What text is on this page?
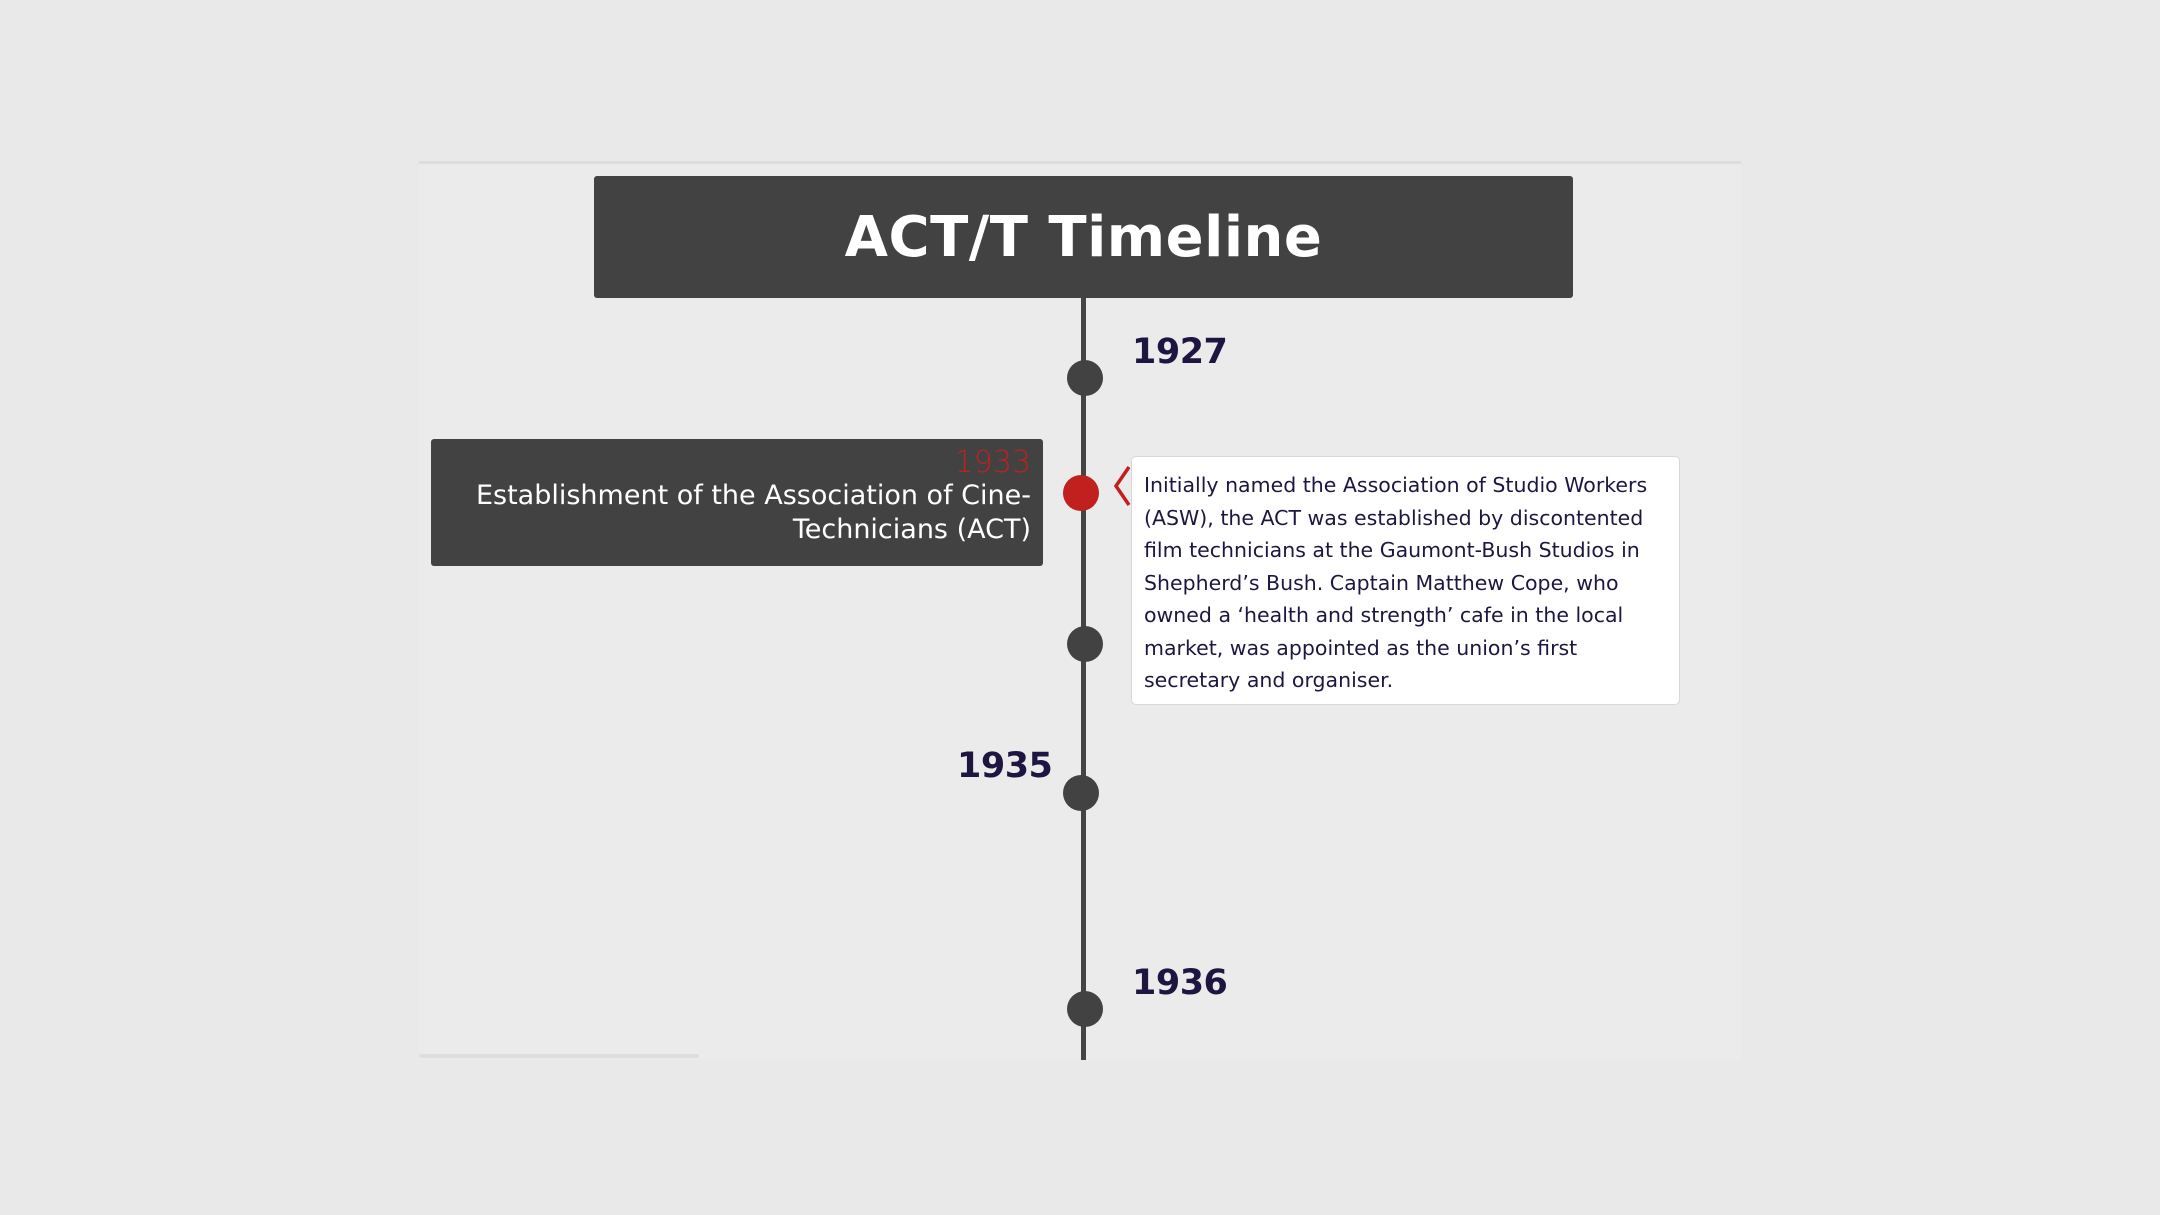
ACT/T Timeline
1927
1933
Establishment of the Association of Cine-Technicians (ACT)
Initially named the Association of Studio Workers (ASW), the ACT was established by discontented film technicians at the Gaumont-Bush Studios in Shepherd’s Bush. Captain Matthew Cope, who owned a ‘health and strength’ cafe in the local market, was appointed as the union’s first secretary and organiser.
1935
1936
